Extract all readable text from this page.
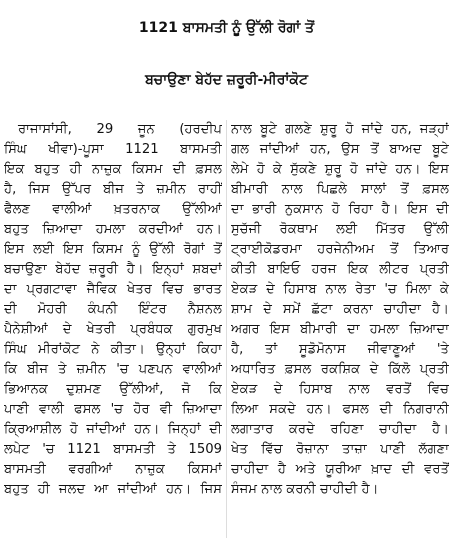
1121 ਬਾਸਮਤੀ ਨੂੰ ਉੱਲੀ ਰੋਗਾਂ ਤੋਂ
ਬਚਾਉਣਾ ਬੇਹੱਦ ਜ਼ਰੂਰੀ-ਮੀਰਾਂਕੋਟ
ਰਾਜਾਸਾਂਸੀ, 29 ਜੂਨ (ਹਰਦੀਪ
ਸਿੰਘ ਖੀਵਾ)-ਪੂਸਾ 1121 ਬਾਸਮਤੀ
ਇਕ ਬਹੁਤ ਹੀ ਨਾਜ਼ੁਕ ਕਿਸਮ ਦੀ ਫ਼ਸਲ
ਹੈ, ਜਿਸ ਉੱਪਰ ਬੀਜ ਤੇ ਜ਼ਮੀਨ ਰਾਹੀਂ
ਫੈਲਣ ਵਾਲੀਆਂ ਖ਼ਤਰਨਾਕ ਉੱਲੀਆਂ
ਬਹੁਤ ਜ਼ਿਆਦਾ ਹਮਲਾ ਕਰਦੀਆਂ ਹਨ।
ਇਸ ਲਈ ਇਸ ਕਿਸਮ ਨੂੰ ਉੱਲੀ ਰੋਗਾਂ ਤੋਂ
ਬਚਾਉਣਾ ਬੇਹੱਦ ਜ਼ਰੂਰੀ ਹੈ। ਇਨ੍ਹਾਂ ਸ਼ਬਦਾਂ
ਦਾ ਪ੍ਰਗਟਾਵਾ ਜੈਵਿਕ ਖੇਤਰ ਵਿਚ ਭਾਰਤ
ਦੀ ਮੋਹਰੀ ਕੰਪਨੀ ਇੰਟਰ ਨੈਸ਼ਨਲ
ਪੈਨੇਸ਼ੀਆਂ ਦੇ ਖੇਤਰੀ ਪ੍ਰਬੰਧਕ ਗੁਰਮੁਖ
ਸਿੰਘ ਮੀਰਾਂਕੋਟ ਨੇ ਕੀਤਾ। ਉਨ੍ਹਾਂ ਕਿਹਾ
ਕਿ ਬੀਜ ਤੇ ਜ਼ਮੀਨ 'ਚ ਪਣਪਨ ਵਾਲੀਆਂ
ਭਿਆਨਕ ਦੁਸ਼ਮਣ ਉੱਲੀਆਂ, ਜੋ ਕਿ
ਪਾਣੀ ਵਾਲੀ ਫਸਲ 'ਚ ਹੋਰ ਵੀ ਜ਼ਿਆਦਾ
ਕ੍ਰਿਆਸ਼ੀਲ ਹੋ ਜਾਂਦੀਆਂ ਹਨ। ਜਿਨ੍ਹਾਂ ਦੀ
ਲਪੇਟ 'ਚ 1121 ਬਾਸਮਤੀ ਤੇ 1509
ਬਾਸਮਤੀ ਵਰਗੀਆਂ ਨਾਜ਼ੁਕ ਕਿਸਮਾਂ
ਬਹੁਤ ਹੀ ਜਲਦ ਆ ਜਾਂਦੀਆਂ ਹਨ। ਜਿਸ
ਨਾਲ ਬੂਟੇ ਗਲਣੇ ਸ਼ੁਰੂ ਹੋ ਜਾਂਦੇ ਹਨ, ਜੜ੍ਹਾਂ
ਗਲ ਜਾਂਦੀਆਂ ਹਨ, ਉਸ ਤੋਂ ਬਾਅਦ ਬੂਟੇ
ਲੇਮੇ ਹੋ ਕੇ ਸੁੱਕਣੇ ਸ਼ੁਰੂ ਹੋ ਜਾਂਦੇ ਹਨ। ਇਸ
ਬੀਮਾਰੀ ਨਾਲ ਪਿਛਲੇ ਸਾਲਾਂ ਤੋਂ ਫ਼ਸਲ
ਦਾ ਭਾਰੀ ਨੁਕਸਾਨ ਹੋ ਰਿਹਾ ਹੈ। ਇਸ ਦੀ
ਸੁਚੱਜੀ ਰੋਕਥਾਮ ਲਈ ਮਿੱਤਰ ਉੱਲੀ
ਟ੍ਰਾਈਕੋਡਰਮਾ ਹਰਜੇਨੀਅਮ ਤੋਂ ਤਿਆਰ
ਕੀਤੀ ਬਾਇਓ ਹਰਜ ਇਕ ਲੀਟਰ ਪ੍ਰਤੀ
ਏਕੜ ਦੇ ਹਿਸਾਬ ਨਾਲ ਰੇਤਾ 'ਚ ਮਿਲਾ ਕੇ
ਸ਼ਾਮ ਦੇ ਸਮੇਂ ਛੱਟਾ ਕਰਨਾ ਚਾਹੀਦਾ ਹੈ।
ਅਗਰ ਇਸ ਬੀਮਾਰੀ ਦਾ ਹਮਲਾ ਜ਼ਿਆਦਾ
ਹੈ, ਤਾਂ ਸੂਡੋਮੋਨਾਸ ਜੀਵਾਣੂਆਂ 'ਤੇ
ਅਧਾਰਿਤ ਫ਼ਸਲ ਰਕਸ਼ਿਕ ਦੇ ਕਿੱਲੋ ਪ੍ਰਤੀ
ਏਕੜ ਦੇ ਹਿਸਾਬ ਨਾਲ ਵਰਤੋਂ ਵਿਚ
ਲਿਆ ਸਕਦੇ ਹਨ। ਫਸਲ ਦੀ ਨਿਗਰਾਨੀ
ਲਗਾਤਾਰ ਕਰਦੇ ਰਹਿਣਾ ਚਾਹੀਦਾ ਹੈ।
ਖੇਤ ਵਿੱਚ ਰੋਜ਼ਾਨਾ ਤਾਜ਼ਾ ਪਾਣੀ ਲੱਗਣਾ
ਚਾਹੀਦਾ ਹੈ ਅਤੇ ਯੂਰੀਆ ਖ਼ਾਦ ਦੀ ਵਰਤੋਂ
ਸੰਜਮ ਨਾਲ ਕਰਨੀ ਚਾਹੀਦੀ ਹੈ।
